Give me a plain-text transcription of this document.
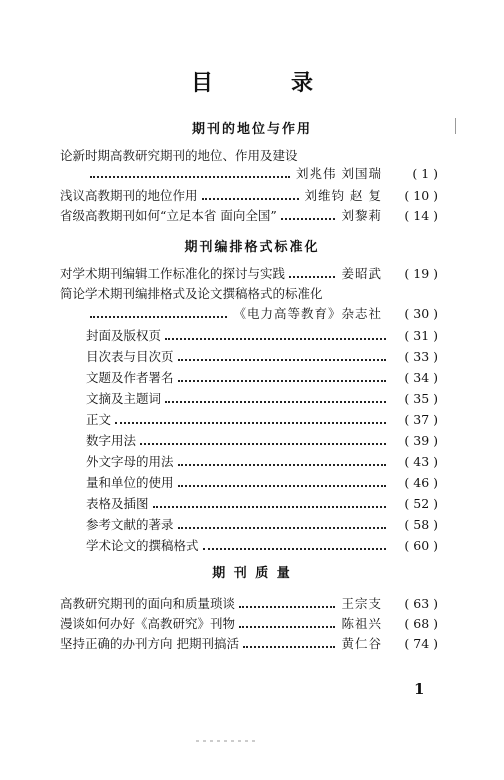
目　录
期刊的地位与作用
论新时期高教研究期刊的地位、作用及建设
刘兆伟 刘国瑞	( 1 )
浅议高教期刊的地位作用	刘维钧 赵 复	( 10 )
省级高教期刊如何“立足本省 面向全国”	刘黎莉	( 14 )
期刊编排格式标准化
对学术期刊编辑工作标准化的探讨与实践	姜昭武	( 19 )
简论学术期刊编排格式及论文撰稿格式的标准化
《电力高等教育》杂志社	( 30 )
封面及版权页	( 31 )
目次表与目次页	( 33 )
文题及作者署名	( 34 )
文摘及主题词	( 35 )
正文	( 37 )
数字用法	( 39 )
外文字母的用法	( 43 )
量和单位的使用	( 46 )
表格及插图	( 52 )
参考文献的著录	( 58 )
学术论文的撰稿格式	( 60 )
期 刊 质 量
高教研究期刊的面向和质量琐谈	王宗支	( 63 )
漫谈如何办好《高教研究》刊物	陈祖兴	( 68 )
坚持正确的办刊方向 把期刊搞活	黄仁谷	( 74 )
1
